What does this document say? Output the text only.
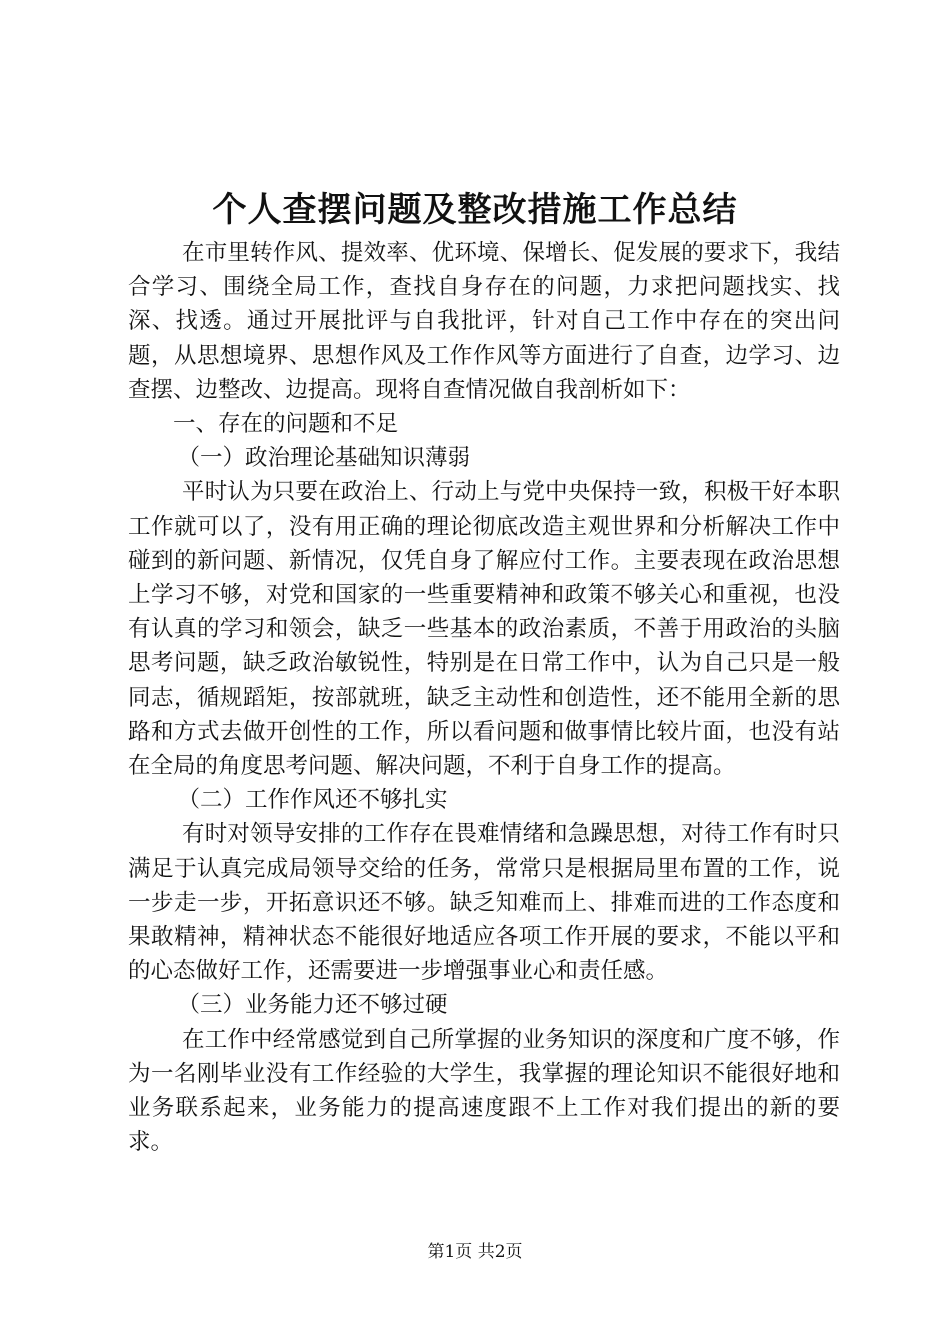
个人查摆问题及整改措施工作总结

在市里转作风、提效率、优环境、保增长、促发展的要求下，我结合学习、围绕全局工作，查找自身存在的问题，力求把问题找实、找深、找透。通过开展批评与自我批评，针对自己工作中存在的突出问题，从思想境界、思想作风及工作作风等方面进行了自查，边学习、边查摆、边整改、边提高。现将自查情况做自我剖析如下：

一、存在的问题和不足

（一）政治理论基础知识薄弱

平时认为只要在政治上、行动上与党中央保持一致，积极干好本职工作就可以了，没有用正确的理论彻底改造主观世界和分析解决工作中碰到的新问题、新情况，仅凭自身了解应付工作。主要表现在政治思想上学习不够，对党和国家的一些重要精神和政策不够关心和重视，也没有认真的学习和领会，缺乏一些基本的政治素质，不善于用政治的头脑思考问题，缺乏政治敏锐性，特别是在日常工作中，认为自己只是一般同志，循规蹈矩，按部就班，缺乏主动性和创造性，还不能用全新的思路和方式去做开创性的工作，所以看问题和做事情比较片面，也没有站在全局的角度思考问题、解决问题，不利于自身工作的提高。

（二）工作作风还不够扎实

有时对领导安排的工作存在畏难情绪和急躁思想，对待工作有时只满足于认真完成局领导交给的任务，常常只是根据局里布置的工作，说一步走一步，开拓意识还不够。缺乏知难而上、排难而进的工作态度和果敢精神，精神状态不能很好地适应各项工作开展的要求，不能以平和的心态做好工作，还需要进一步增强事业心和责任感。

（三）业务能力还不够过硬

在工作中经常感觉到自己所掌握的业务知识的深度和广度不够，作为一名刚毕业没有工作经验的大学生，我掌握的理论知识不能很好地和业务联系起来，业务能力的提高速度跟不上工作对我们提出的新的要求。

第1页 共2页
